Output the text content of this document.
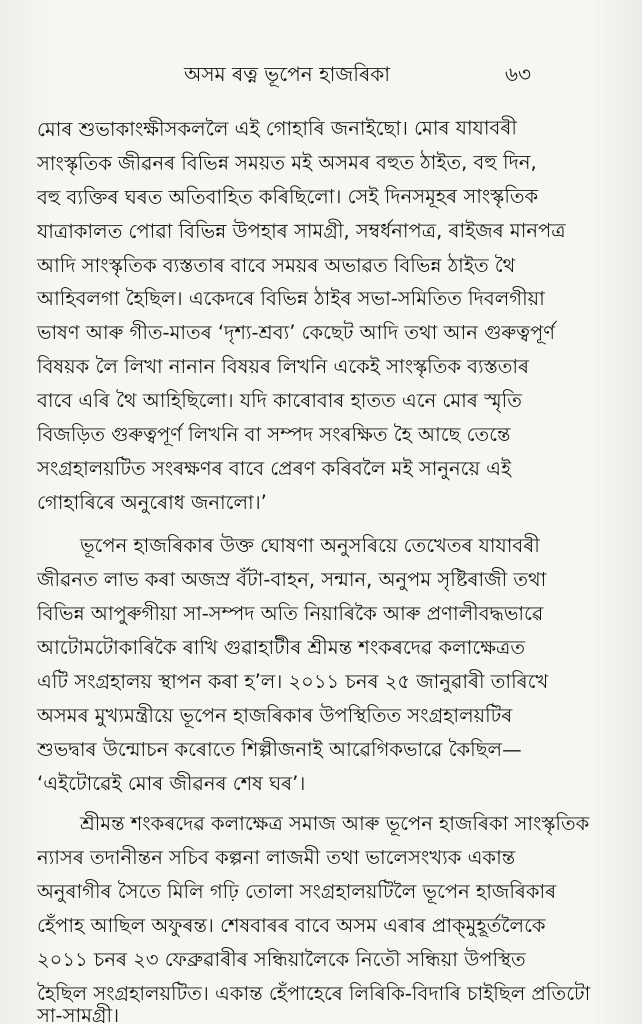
অসম ৰত্ন ভূপেন হাজৰিকা	৬৩
মোৰ শুভাকাংক্ষীসকললৈ এই গোহাৰি জনাইছো। মোৰ যাযাবৰী
সাংস্কৃতিক জীৱনৰ বিভিন্ন সময়ত মই অসমৰ বহুত ঠাইত, বহু দিন,
বহু ব্যক্তিৰ ঘৰত অতিবাহিত কৰিছিলো। সেই দিনসমূহৰ সাংস্কৃতিক
যাত্ৰাকালত পোৱা বিভিন্ন উপহাৰ সামগ্ৰী, সম্বৰ্ধনাপত্ৰ, ৰাইজৰ মানপত্ৰ
আদি সাংস্কৃতিক ব্যস্ততাৰ বাবে সময়ৰ অভাৱত বিভিন্ন ঠাইত থৈ
আহিবলগা হৈছিল। একেদৰে বিভিন্ন ঠাইৰ সভা-সমিতিত দিবলগীয়া
ভাষণ আৰু গীত-মাতৰ ‘দৃশ্য-শ্ৰব্য’ কেছেট আদি তথা আন গুৰুত্বপূৰ্ণ
বিষয়ক লৈ লিখা নানান বিষয়ৰ লিখনি একেই সাংস্কৃতিক ব্যস্ততাৰ
বাবে এৰি থৈ আহিছিলো। যদি কাৰোবাৰ হাতত এনে মোৰ স্মৃতি
বিজড়িত গুৰুত্বপূৰ্ণ লিখনি বা সম্পদ সংৰক্ষিত হৈ আছে তেন্তে
সংগ্ৰহালয়টিত সংৰক্ষণৰ বাবে প্ৰেৰণ কৰিবলৈ মই সানুনয়ে এই
গোহাৰিৰে অনুৰোধ জনালো।’
ভূপেন হাজৰিকাৰ উক্ত ঘোষণা অনুসৰিয়ে তেখেতৰ যাযাবৰী
জীৱনত লাভ কৰা অজস্ৰ বঁটা-বাহন, সন্মান, অনুপম সৃষ্টিৰাজী তথা
বিভিন্ন আপুৰুগীয়া সা-সম্পদ অতি নিয়াৰিকৈ আৰু প্ৰণালীবদ্ধভাৱে
আটোমটোকাৰিকৈ ৰাখি গুৱাহাটীৰ শ্ৰীমন্ত শংকৰদেৱ কলাক্ষেত্ৰত
এটি সংগ্ৰহালয় স্থাপন কৰা হ’ল। ২০১১ চনৰ ২৫ জানুৱাৰী তাৰিখে
অসমৰ মুখ্যমন্ত্ৰীয়ে ভূপেন হাজৰিকাৰ উপস্থিতিত সংগ্ৰহালয়টিৰ
শুভদ্বাৰ উন্মোচন কৰোতে শিল্পীজনাই আৱেগিকভাৱে কৈছিল—
‘এইটোৱেই মোৰ জীৱনৰ শেষ ঘৰ’।
শ্ৰীমন্ত শংকৰদেৱ কলাক্ষেত্ৰ সমাজ আৰু ভূপেন হাজৰিকা সাংস্কৃতিক
ন্যাসৰ তদানীন্তন সচিব কল্পনা লাজমী তথা ভালেসংখ্যক একান্ত
অনুৰাগীৰ সৈতে মিলি গঢ়ি তোলা সংগ্ৰহালয়টিলৈ ভূপেন হাজৰিকাৰ
হেঁপাহ আছিল অফুৰন্ত। শেষবাৰৰ বাবে অসম এৰাৰ প্ৰাক্‌মুহূৰ্তলৈকে
২০১১ চনৰ ২৩ ফেব্ৰুৱাৰীৰ সন্ধিয়ালৈকে নিতৌ সন্ধিয়া উপস্থিত
হৈছিল সংগ্ৰহালয়টিত। একান্ত হেঁপাহেৰে লিৰিকি-বিদাৰি চাইছিল প্ৰতিটো
সা-সামগ্ৰী।
